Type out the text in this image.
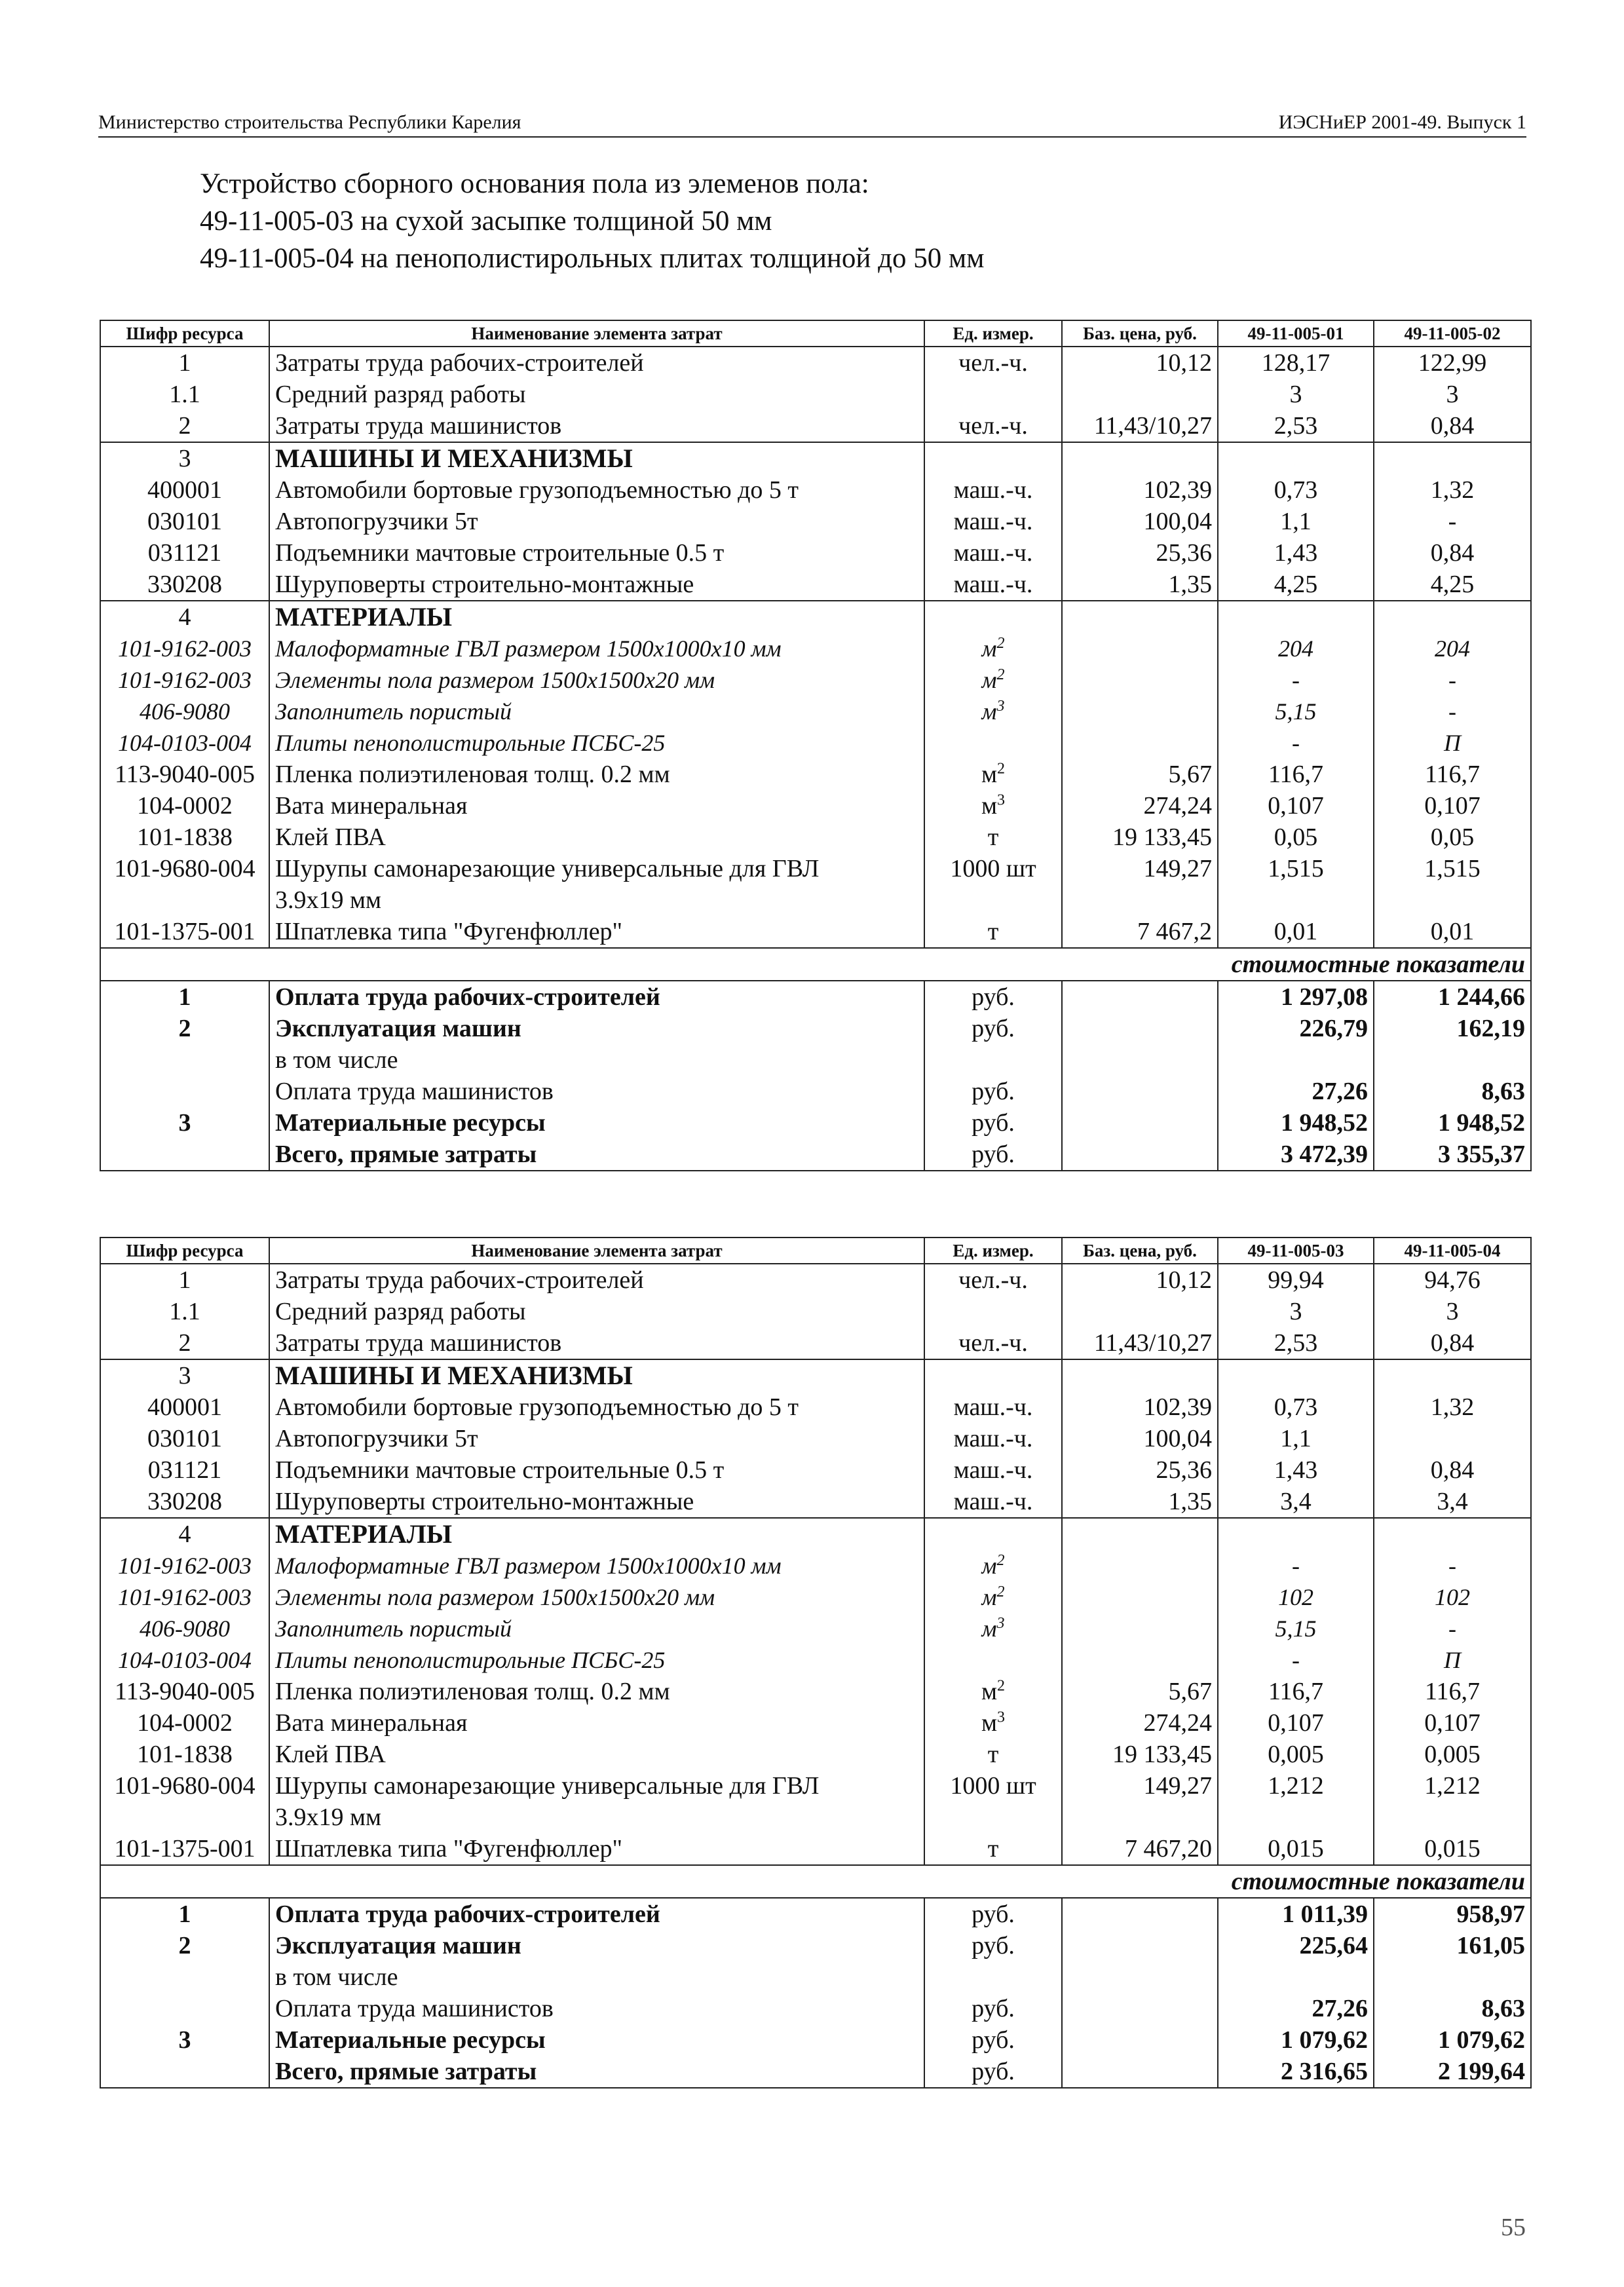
Министерство строительства Республики Карелия	ИЭСНиЕР 2001-49. Выпуск 1
Устройство сборного основания пола из элеменов пола:
49-11-005-03 на сухой засыпке толщиной 50 мм
49-11-005-04 на пенополистирольных плитах толщиной до 50 мм
Шифр ресурса	Наименование элемента затрат	Ед. измер.	Баз. цена, руб.	49-11-005-01	49-11-005-02
1	Затраты труда рабочих-строителей	чел.-ч.	10,12	128,17	122,99
1.1	Средний разряд работы			3	3
2	Затраты труда машинистов	чел.-ч.	11,43/10,27	2,53	0,84
3	МАШИНЫ И МЕХАНИЗМЫ				
400001	Автомобили бортовые грузоподъемностью до 5 т	маш.-ч.	102,39	0,73	1,32
030101	Автопогрузчики 5т	маш.-ч.	100,04	1,1	-
031121	Подъемники мачтовые строительные 0.5 т	маш.-ч.	25,36	1,43	0,84
330208	Шуруповерты строительно-монтажные	маш.-ч.	1,35	4,25	4,25
4	МАТЕРИАЛЫ				
101-9162-003	Малоформатные ГВЛ размером 1500х1000х10 мм	$м^2$		204	204
101-9162-003	Элементы пола размером 1500х1500х20 мм	$м^2$		-	-
406-9080	Заполнитель пористый	$м^3$		5,15	-
104-0103-004	Плиты пенополистирольные ПСБС-25			-	П
113-9040-005	Пленка полиэтиленовая толщ. 0.2 мм	$м^2$	5,67	116,7	116,7
104-0002	Вата минеральная	$м^3$	274,24	0,107	0,107
101-1838	Клей ПВА	т	19 133,45	0,05	0,05
101-9680-004	Шурупы самонарезающие универсальные для ГВЛ	1000 шт	149,27	1,515	1,515
	3.9х19 мм				
101-1375-001	Шпатлевка типа "Фугенфюллер"	т	7 467,2	0,01	0,01
стоимостные показатели					
1	Оплата труда рабочих-строителей	руб.		1 297,08	1 244,66
2	Эксплуатация машин	руб.		226,79	162,19
	в том числе				
	Оплата труда машинистов	руб.		27,26	8,63
3	Материальные ресурсы	руб.		1 948,52	1 948,52
	Всего, прямые затраты	руб.		3 472,39	3 355,37
Шифр ресурса	Наименование элемента затрат	Ед. измер.	Баз. цена, руб.	49-11-005-03	49-11-005-04
1	Затраты труда рабочих-строителей	чел.-ч.	10,12	99,94	94,76
1.1	Средний разряд работы			3	3
2	Затраты труда машинистов	чел.-ч.	11,43/10,27	2,53	0,84
3	МАШИНЫ И МЕХАНИЗМЫ				
400001	Автомобили бортовые грузоподъемностью до 5 т	маш.-ч.	102,39	0,73	1,32
030101	Автопогрузчики 5т	маш.-ч.	100,04	1,1	
031121	Подъемники мачтовые строительные 0.5 т	маш.-ч.	25,36	1,43	0,84
330208	Шуруповерты строительно-монтажные	маш.-ч.	1,35	3,4	3,4
4	МАТЕРИАЛЫ				
101-9162-003	Малоформатные ГВЛ размером 1500х1000х10 мм	$м^2$		-	-
101-9162-003	Элементы пола размером 1500х1500х20 мм	$м^2$		102	102
406-9080	Заполнитель пористый	$м^3$		5,15	-
104-0103-004	Плиты пенополистирольные ПСБС-25			-	П
113-9040-005	Пленка полиэтиленовая толщ. 0.2 мм	$м^2$	5,67	116,7	116,7
104-0002	Вата минеральная	$м^3$	274,24	0,107	0,107
101-1838	Клей ПВА	т	19 133,45	0,005	0,005
101-9680-004	Шурупы самонарезающие универсальные для ГВЛ	1000 шт	149,27	1,212	1,212
	3.9х19 мм				
101-1375-001	Шпатлевка типа "Фугенфюллер"	т	7 467,20	0,015	0,015
стоимостные показатели					
1	Оплата труда рабочих-строителей	руб.		1 011,39	958,97
2	Эксплуатация машин	руб.		225,64	161,05
	в том числе				
	Оплата труда машинистов	руб.		27,26	8,63
3	Материальные ресурсы	руб.		1 079,62	1 079,62
	Всего, прямые затраты	руб.		2 316,65	2 199,64
55
